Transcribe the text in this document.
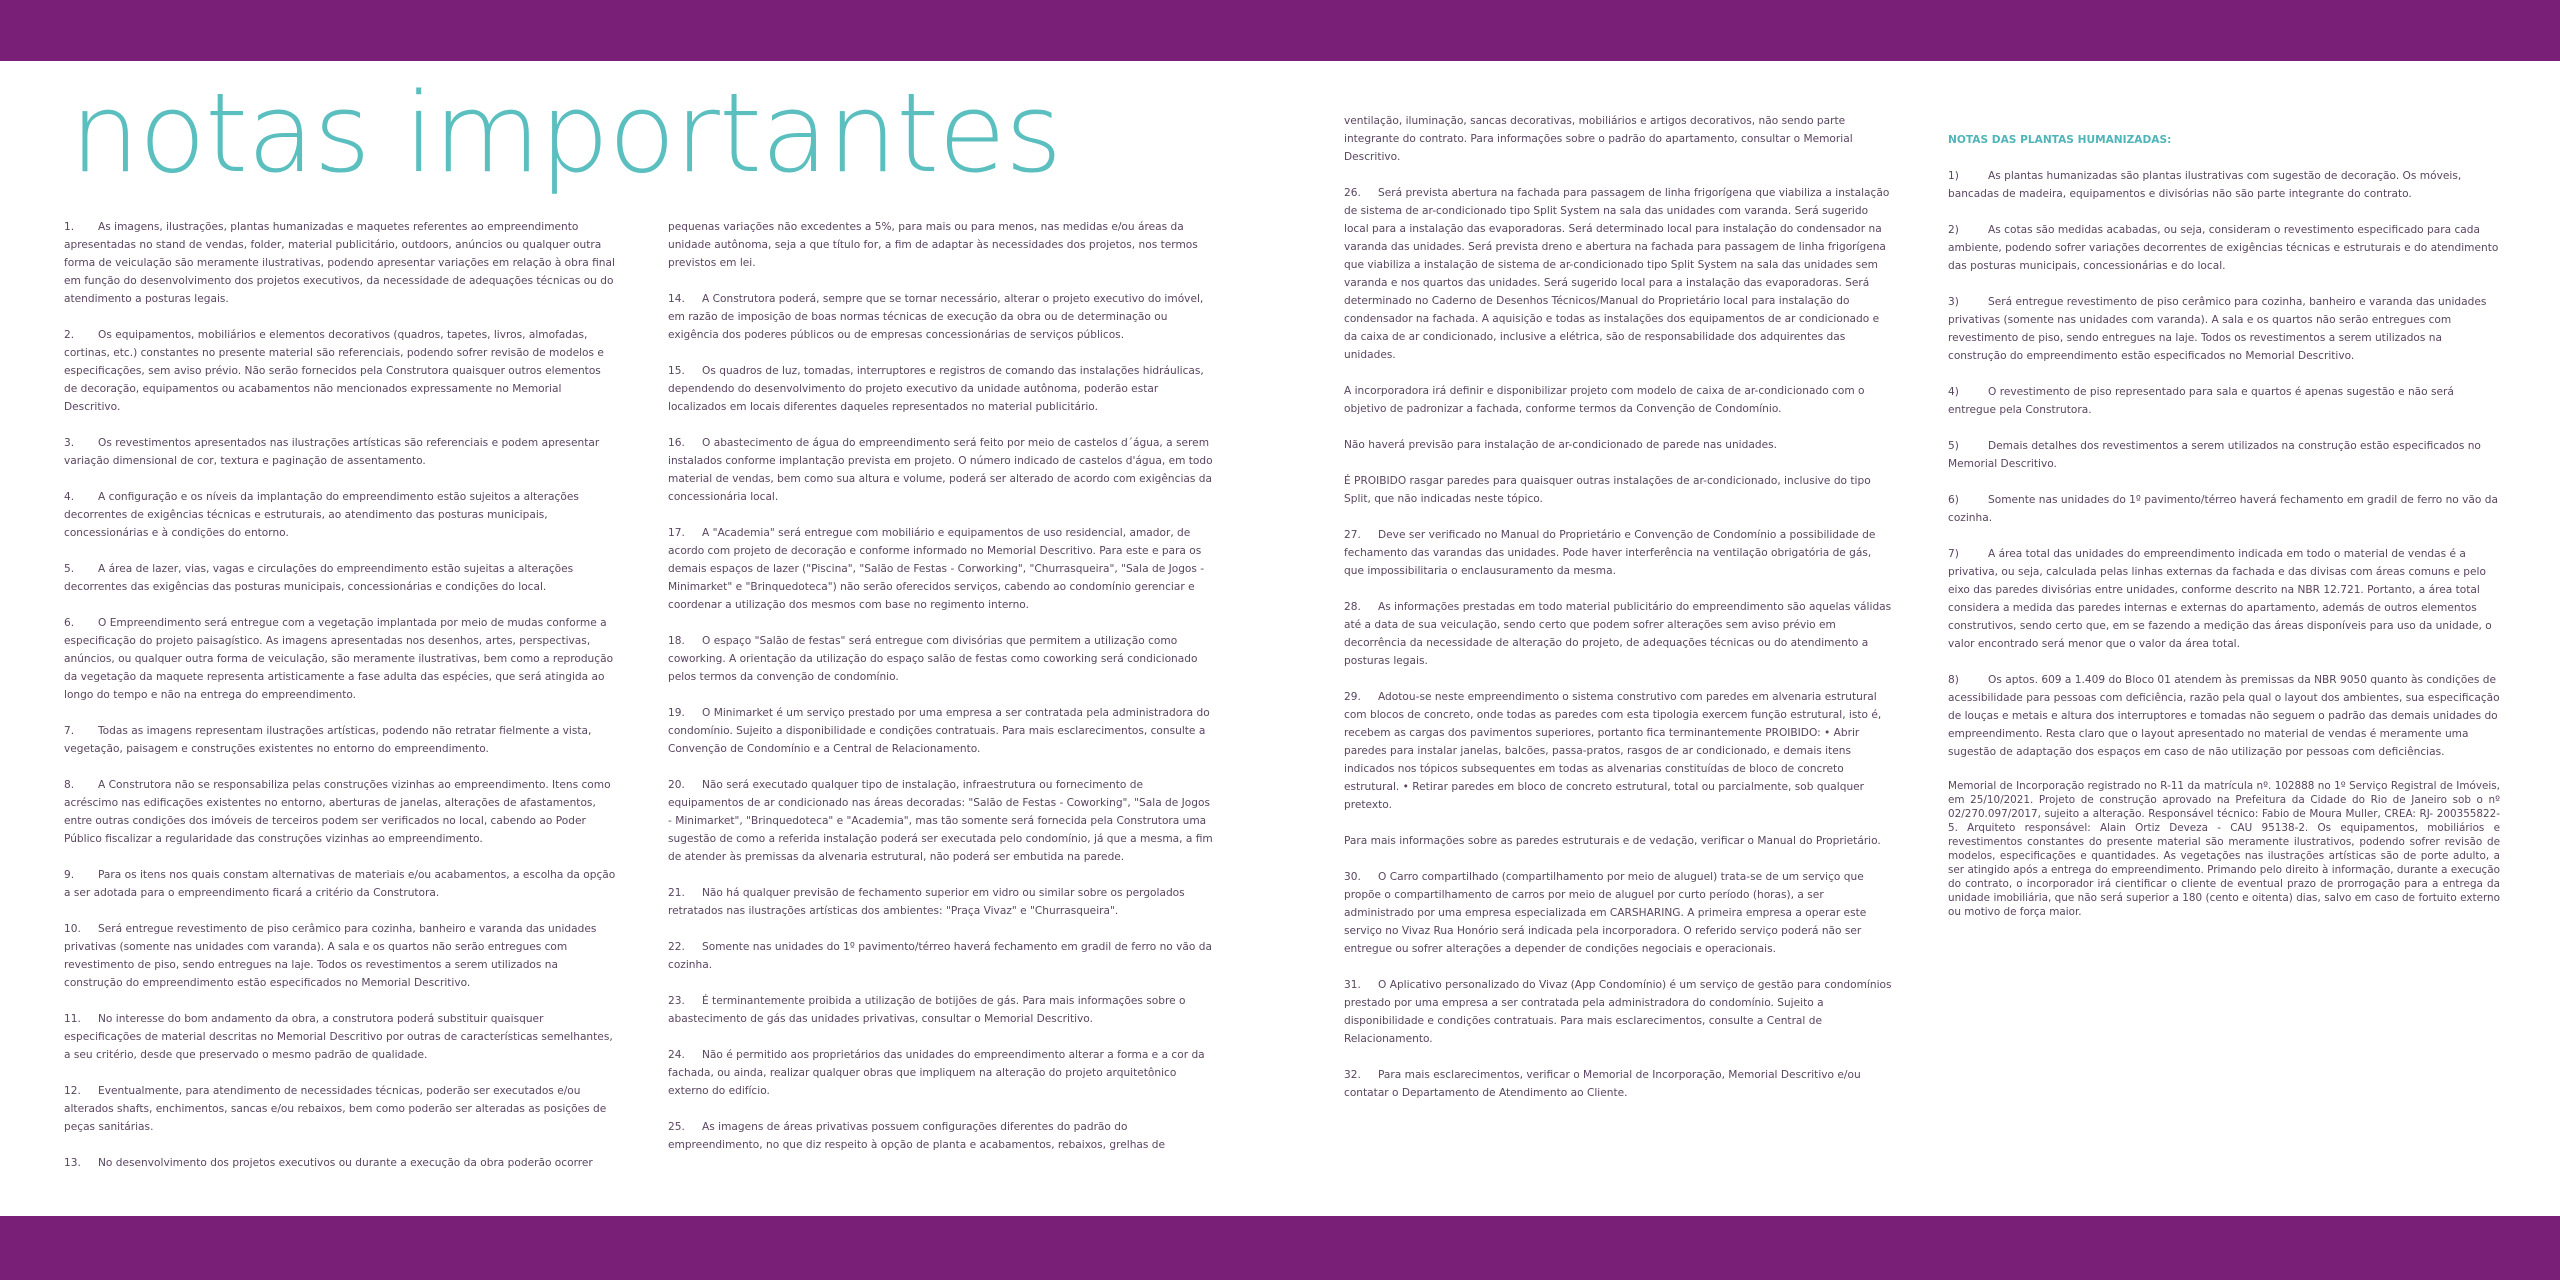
notas importantes

1. As imagens, ilustrações, plantas humanizadas e maquetes referentes ao empreendimento apresentadas no stand de vendas, folder, material publicitário, outdoors, anúncios ou qualquer outra forma de veiculação são meramente ilustrativas, podendo apresentar variações em relação à obra final em função do desenvolvimento dos projetos executivos, da necessidade de adequações técnicas ou do atendimento a posturas legais.

2. Os equipamentos, mobiliários e elementos decorativos (quadros, tapetes, livros, almofadas, cortinas, etc.) constantes no presente material são referenciais, podendo sofrer revisão de modelos e especificações, sem aviso prévio. Não serão fornecidos pela Construtora quaisquer outros elementos de decoração, equipamentos ou acabamentos não mencionados expressamente no Memorial Descritivo.

3. Os revestimentos apresentados nas ilustrações artísticas são referenciais e podem apresentar variação dimensional de cor, textura e paginação de assentamento.

4. A configuração e os níveis da implantação do empreendimento estão sujeitos a alterações decorrentes de exigências técnicas e estruturais, ao atendimento das posturas municipais, concessionárias e à condições do entorno.

5. A área de lazer, vias, vagas e circulações do empreendimento estão sujeitas a alterações decorrentes das exigências das posturas municipais, concessionárias e condições do local.

6. O Empreendimento será entregue com a vegetação implantada por meio de mudas conforme a especificação do projeto paisagístico. As imagens apresentadas nos desenhos, artes, perspectivas, anúncios, ou qualquer outra forma de veiculação, são meramente ilustrativas, bem como a reprodução da vegetação da maquete representa artisticamente a fase adulta das espécies, que será atingida ao longo do tempo e não na entrega do empreendimento.

7. Todas as imagens representam ilustrações artísticas, podendo não retratar fielmente a vista, vegetação, paisagem e construções existentes no entorno do empreendimento.

8. A Construtora não se responsabiliza pelas construções vizinhas ao empreendimento. Itens como acréscimo nas edificações existentes no entorno, aberturas de janelas, alterações de afastamentos, entre outras condições dos imóveis de terceiros podem ser verificados no local, cabendo ao Poder Público fiscalizar a regularidade das construções vizinhas ao empreendimento.

9. Para os itens nos quais constam alternativas de materiais e/ou acabamentos, a escolha da opção a ser adotada para o empreendimento ficará a critério da Construtora.

10. Será entregue revestimento de piso cerâmico para cozinha, banheiro e varanda das unidades privativas (somente nas unidades com varanda). A sala e os quartos não serão entregues com revestimento de piso, sendo entregues na laje. Todos os revestimentos a serem utilizados na construção do empreendimento estão especificados no Memorial Descritivo.

11. No interesse do bom andamento da obra, a construtora poderá substituir quaisquer especificações de material descritas no Memorial Descritivo por outras de características semelhantes, a seu critério, desde que preservado o mesmo padrão de qualidade.

12. Eventualmente, para atendimento de necessidades técnicas, poderão ser executados e/ou alterados shafts, enchimentos, sancas e/ou rebaixos, bem como poderão ser alteradas as posições de peças sanitárias.

13. No desenvolvimento dos projetos executivos ou durante a execução da obra poderão ocorrer

pequenas variações não excedentes a 5%, para mais ou para menos, nas medidas e/ou áreas da unidade autônoma, seja a que título for, a fim de adaptar às necessidades dos projetos, nos termos previstos em lei.

14. A Construtora poderá, sempre que se tornar necessário, alterar o projeto executivo do imóvel, em razão de imposição de boas normas técnicas de execução da obra ou de determinação ou exigência dos poderes públicos ou de empresas concessionárias de serviços públicos.

15. Os quadros de luz, tomadas, interruptores e registros de comando das instalações hidráulicas, dependendo do desenvolvimento do projeto executivo da unidade autônoma, poderão estar localizados em locais diferentes daqueles representados no material publicitário.

16. O abastecimento de água do empreendimento será feito por meio de castelos d´água, a serem instalados conforme implantação prevista em projeto. O número indicado de castelos d'água, em todo material de vendas, bem como sua altura e volume, poderá ser alterado de acordo com exigências da concessionária local.

17. A "Academia" será entregue com mobiliário e equipamentos de uso residencial, amador, de acordo com projeto de decoração e conforme informado no Memorial Descritivo. Para este e para os demais espaços de lazer ("Piscina", "Salão de Festas - Corworking", "Churrasqueira", "Sala de Jogos - Minimarket" e "Brinquedoteca") não serão oferecidos serviços, cabendo ao condomínio gerenciar e coordenar a utilização dos mesmos com base no regimento interno.

18. O espaço "Salão de festas" será entregue com divisórias que permitem a utilização como coworking. A orientação da utilização do espaço salão de festas como coworking será condicionado pelos termos da convenção de condomínio.

19. O Minimarket é um serviço prestado por uma empresa a ser contratada pela administradora do condomínio. Sujeito a disponibilidade e condições contratuais. Para mais esclarecimentos, consulte a Convenção de Condomínio e a Central de Relacionamento.

20. Não será executado qualquer tipo de instalação, infraestrutura ou fornecimento de equipamentos de ar condicionado nas áreas decoradas: "Salão de Festas - Coworking", "Sala de Jogos - Minimarket", "Brinquedoteca" e "Academia", mas tão somente será fornecida pela Construtora uma sugestão de como a referida instalação poderá ser executada pelo condomínio, já que a mesma, a fim de atender às premissas da alvenaria estrutural, não poderá ser embutida na parede.

21. Não há qualquer previsão de fechamento superior em vidro ou similar sobre os pergolados retratados nas ilustrações artísticas dos ambientes: "Praça Vivaz" e "Churrasqueira".

22. Somente nas unidades do 1º pavimento/térreo haverá fechamento em gradil de ferro no vão da cozinha.

23. É terminantemente proibida a utilização de botijões de gás. Para mais informações sobre o abastecimento de gás das unidades privativas, consultar o Memorial Descritivo.

24. Não é permitido aos proprietários das unidades do empreendimento alterar a forma e a cor da fachada, ou ainda, realizar qualquer obras que impliquem na alteração do projeto arquitetônico externo do edifício.

25. As imagens de áreas privativas possuem configurações diferentes do padrão do empreendimento, no que diz respeito à opção de planta e acabamentos, rebaixos, grelhas de

ventilação, iluminação, sancas decorativas, mobiliários e artigos decorativos, não sendo parte integrante do contrato. Para informações sobre o padrão do apartamento, consultar o Memorial Descritivo.

26. Será prevista abertura na fachada para passagem de linha frigorígena que viabiliza a instalação de sistema de ar-condicionado tipo Split System na sala das unidades com varanda. Será sugerido local para a instalação das evaporadoras. Será determinado local para instalação do condensador na varanda das unidades. Será prevista dreno e abertura na fachada para passagem de linha frigorígena que viabiliza a instalação de sistema de ar-condicionado tipo Split System na sala das unidades sem varanda e nos quartos das unidades. Será sugerido local para a instalação das evaporadoras. Será determinado no Caderno de Desenhos Técnicos/Manual do Proprietário local para instalação do condensador na fachada. A aquisição e todas as instalações dos equipamentos de ar condicionado e da caixa de ar condicionado, inclusive a elétrica, são de responsabilidade dos adquirentes das unidades.

A incorporadora irá definir e disponibilizar projeto com modelo de caixa de ar-condicionado com o objetivo de padronizar a fachada, conforme termos da Convenção de Condomínio.

Não haverá previsão para instalação de ar-condicionado de parede nas unidades.

É PROIBIDO rasgar paredes para quaisquer outras instalações de ar-condicionado, inclusive do tipo Split, que não indicadas neste tópico.

27. Deve ser verificado no Manual do Proprietário e Convenção de Condomínio a possibilidade de fechamento das varandas das unidades. Pode haver interferência na ventilação obrigatória de gás, que impossibilitaria o enclausuramento da mesma.

28. As informações prestadas em todo material publicitário do empreendimento são aquelas válidas até a data de sua veiculação, sendo certo que podem sofrer alterações sem aviso prévio em decorrência da necessidade de alteração do projeto, de adequações técnicas ou do atendimento a posturas legais.

29. Adotou-se neste empreendimento o sistema construtivo com paredes em alvenaria estrutural com blocos de concreto, onde todas as paredes com esta tipologia exercem função estrutural, isto é, recebem as cargas dos pavimentos superiores, portanto fica terminantemente PROIBIDO: • Abrir paredes para instalar janelas, balcões, passa-pratos, rasgos de ar condicionado, e demais itens indicados nos tópicos subsequentes em todas as alvenarias constituídas de bloco de concreto estrutural. • Retirar paredes em bloco de concreto estrutural, total ou parcialmente, sob qualquer pretexto.

Para mais informações sobre as paredes estruturais e de vedação, verificar o Manual do Proprietário.

30. O Carro compartilhado (compartilhamento por meio de aluguel) trata-se de um serviço que propõe o compartilhamento de carros por meio de aluguel por curto período (horas), a ser administrado por uma empresa especializada em CARSHARING. A primeira empresa a operar este serviço no Vivaz Rua Honório será indicada pela incorporadora. O referido serviço poderá não ser entregue ou sofrer alterações a depender de condições negociais e operacionais.

31. O Aplicativo personalizado do Vivaz (App Condomínio) é um serviço de gestão para condomínios prestado por uma empresa a ser contratada pela administradora do condomínio. Sujeito a disponibilidade e condições contratuais. Para mais esclarecimentos, consulte a Central de Relacionamento.

32. Para mais esclarecimentos, verificar o Memorial de Incorporação, Memorial Descritivo e/ou contatar o Departamento de Atendimento ao Cliente.

NOTAS DAS PLANTAS HUMANIZADAS:

1)	As plantas humanizadas são plantas ilustrativas com sugestão de decoração. Os móveis, bancadas de madeira, equipamentos e divisórias não são parte integrante do contrato.

2)	As cotas são medidas acabadas, ou seja, consideram o revestimento especificado para cada ambiente, podendo sofrer variações decorrentes de exigências técnicas e estruturais e do atendimento das posturas municipais, concessionárias e do local.

3)	Será entregue revestimento de piso cerâmico para cozinha, banheiro e varanda das unidades privativas (somente nas unidades com varanda). A sala e os quartos não serão entregues com revestimento de piso, sendo entregues na laje. Todos os revestimentos a serem utilizados na construção do empreendimento estão especificados no Memorial Descritivo.

4)	O revestimento de piso representado para sala e quartos é apenas sugestão e não será entregue pela Construtora.

5)	Demais detalhes dos revestimentos a serem utilizados na construção estão especificados no Memorial Descritivo.

6)	Somente nas unidades do 1º pavimento/térreo haverá fechamento em gradil de ferro no vão da cozinha.

7)	A área total das unidades do empreendimento indicada em todo o material de vendas é a privativa, ou seja, calculada pelas linhas externas da fachada e das divisas com áreas comuns e pelo eixo das paredes divisórias entre unidades, conforme descrito na NBR 12.721. Portanto, a área total considera a medida das paredes internas e externas do apartamento, además de outros elementos construtivos, sendo certo que, em se fazendo a medição das áreas disponíveis para uso da unidade, o valor encontrado será menor que o valor da área total.

8)	Os aptos. 609 a 1.409 do Bloco 01 atendem às premissas da NBR 9050 quanto às condições de acessibilidade para pessoas com deficiência, razão pela qual o layout dos ambientes, sua especificação de louças e metais e altura dos interruptores e tomadas não seguem o padrão das demais unidades do empreendimento. Resta claro que o layout apresentado no material de vendas é meramente uma sugestão de adaptação dos espaços em caso de não utilização por pessoas com deficiências.

Memorial de Incorporação registrado no R-11 da matrícula nº. 102888 no 1º Serviço Registral de Imóveis, em 25/10/2021. Projeto de construção aprovado na Prefeitura da Cidade do Rio de Janeiro sob o nº 02/270.097/2017, sujeito a alteração. Responsável técnico: Fabio de Moura Muller, CREA: RJ- 200355822-5. Arquiteto responsável: Alain Ortiz Deveza - CAU 95138-2. Os equipamentos, mobiliários e revestimentos constantes do presente material são meramente ilustrativos, podendo sofrer revisão de modelos, especificações e quantidades. As vegetações nas ilustrações artísticas são de porte adulto, a ser atingido após a entrega do empreendimento. Primando pelo direito à informação, durante a execução do contrato, o incorporador irá cientificar o cliente de eventual prazo de prorrogação para a entrega da unidade imobiliária, que não será superior a 180 (cento e oitenta) dias, salvo em caso de fortuito externo ou motivo de força maior.
